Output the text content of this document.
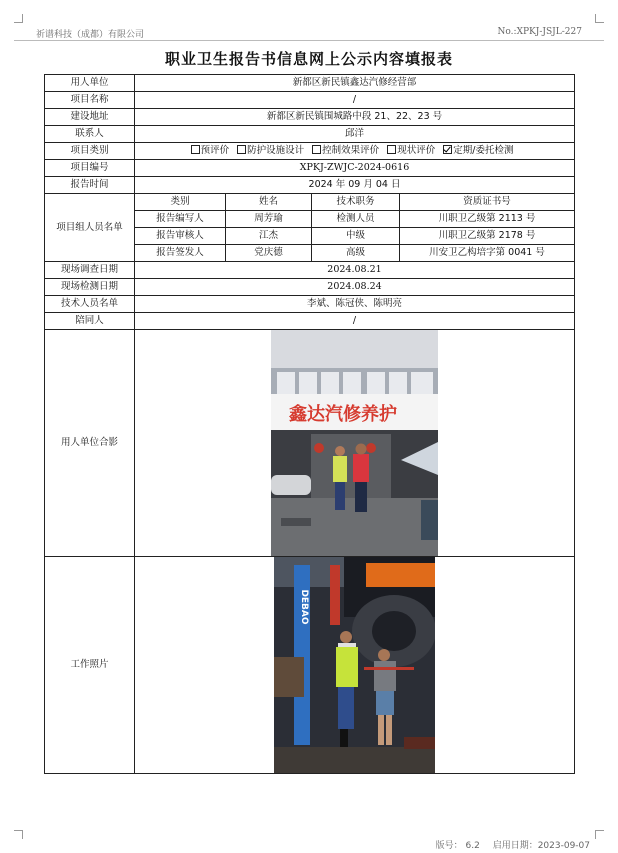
祈谱科技（成都）有限公司	No.:XPKJ-JSJL-227
职业卫生报告书信息网上公示内容填报表
用人单位	新都区新民镇鑫达汽修经营部			
项目名称	/			
建设地址	新都区新民镇围城路中段 21、22、23 号			
联系人	邱洋			
项目类别	预评价 防护设施设计 控制效果评价 现状评价 定期/委托检测			
项目编号	XPKJ-ZWJC-2024-0616			
报告时间	2024 年 09 月 04 日			
项目组人员名单	类别	姓名	技术职务	资质证书号
	报告编写人	周芳瑜	检测人员	川职卫乙级第 2113 号
	报告审核人	江杰	中级	川职卫乙级第 2178 号
	报告签发人	党庆德	高级	川安卫乙构培字第 0041 号
现场调查日期	2024.08.21			
现场检测日期	2024.08.24			
技术人员名单	李斌、陈冠侠、陈明亮			
陪同人	/			
用人单位合影	鑫达汽修养护			

工作照片	DEBAO			
版号： 6.2 启用日期：2023-09-07
